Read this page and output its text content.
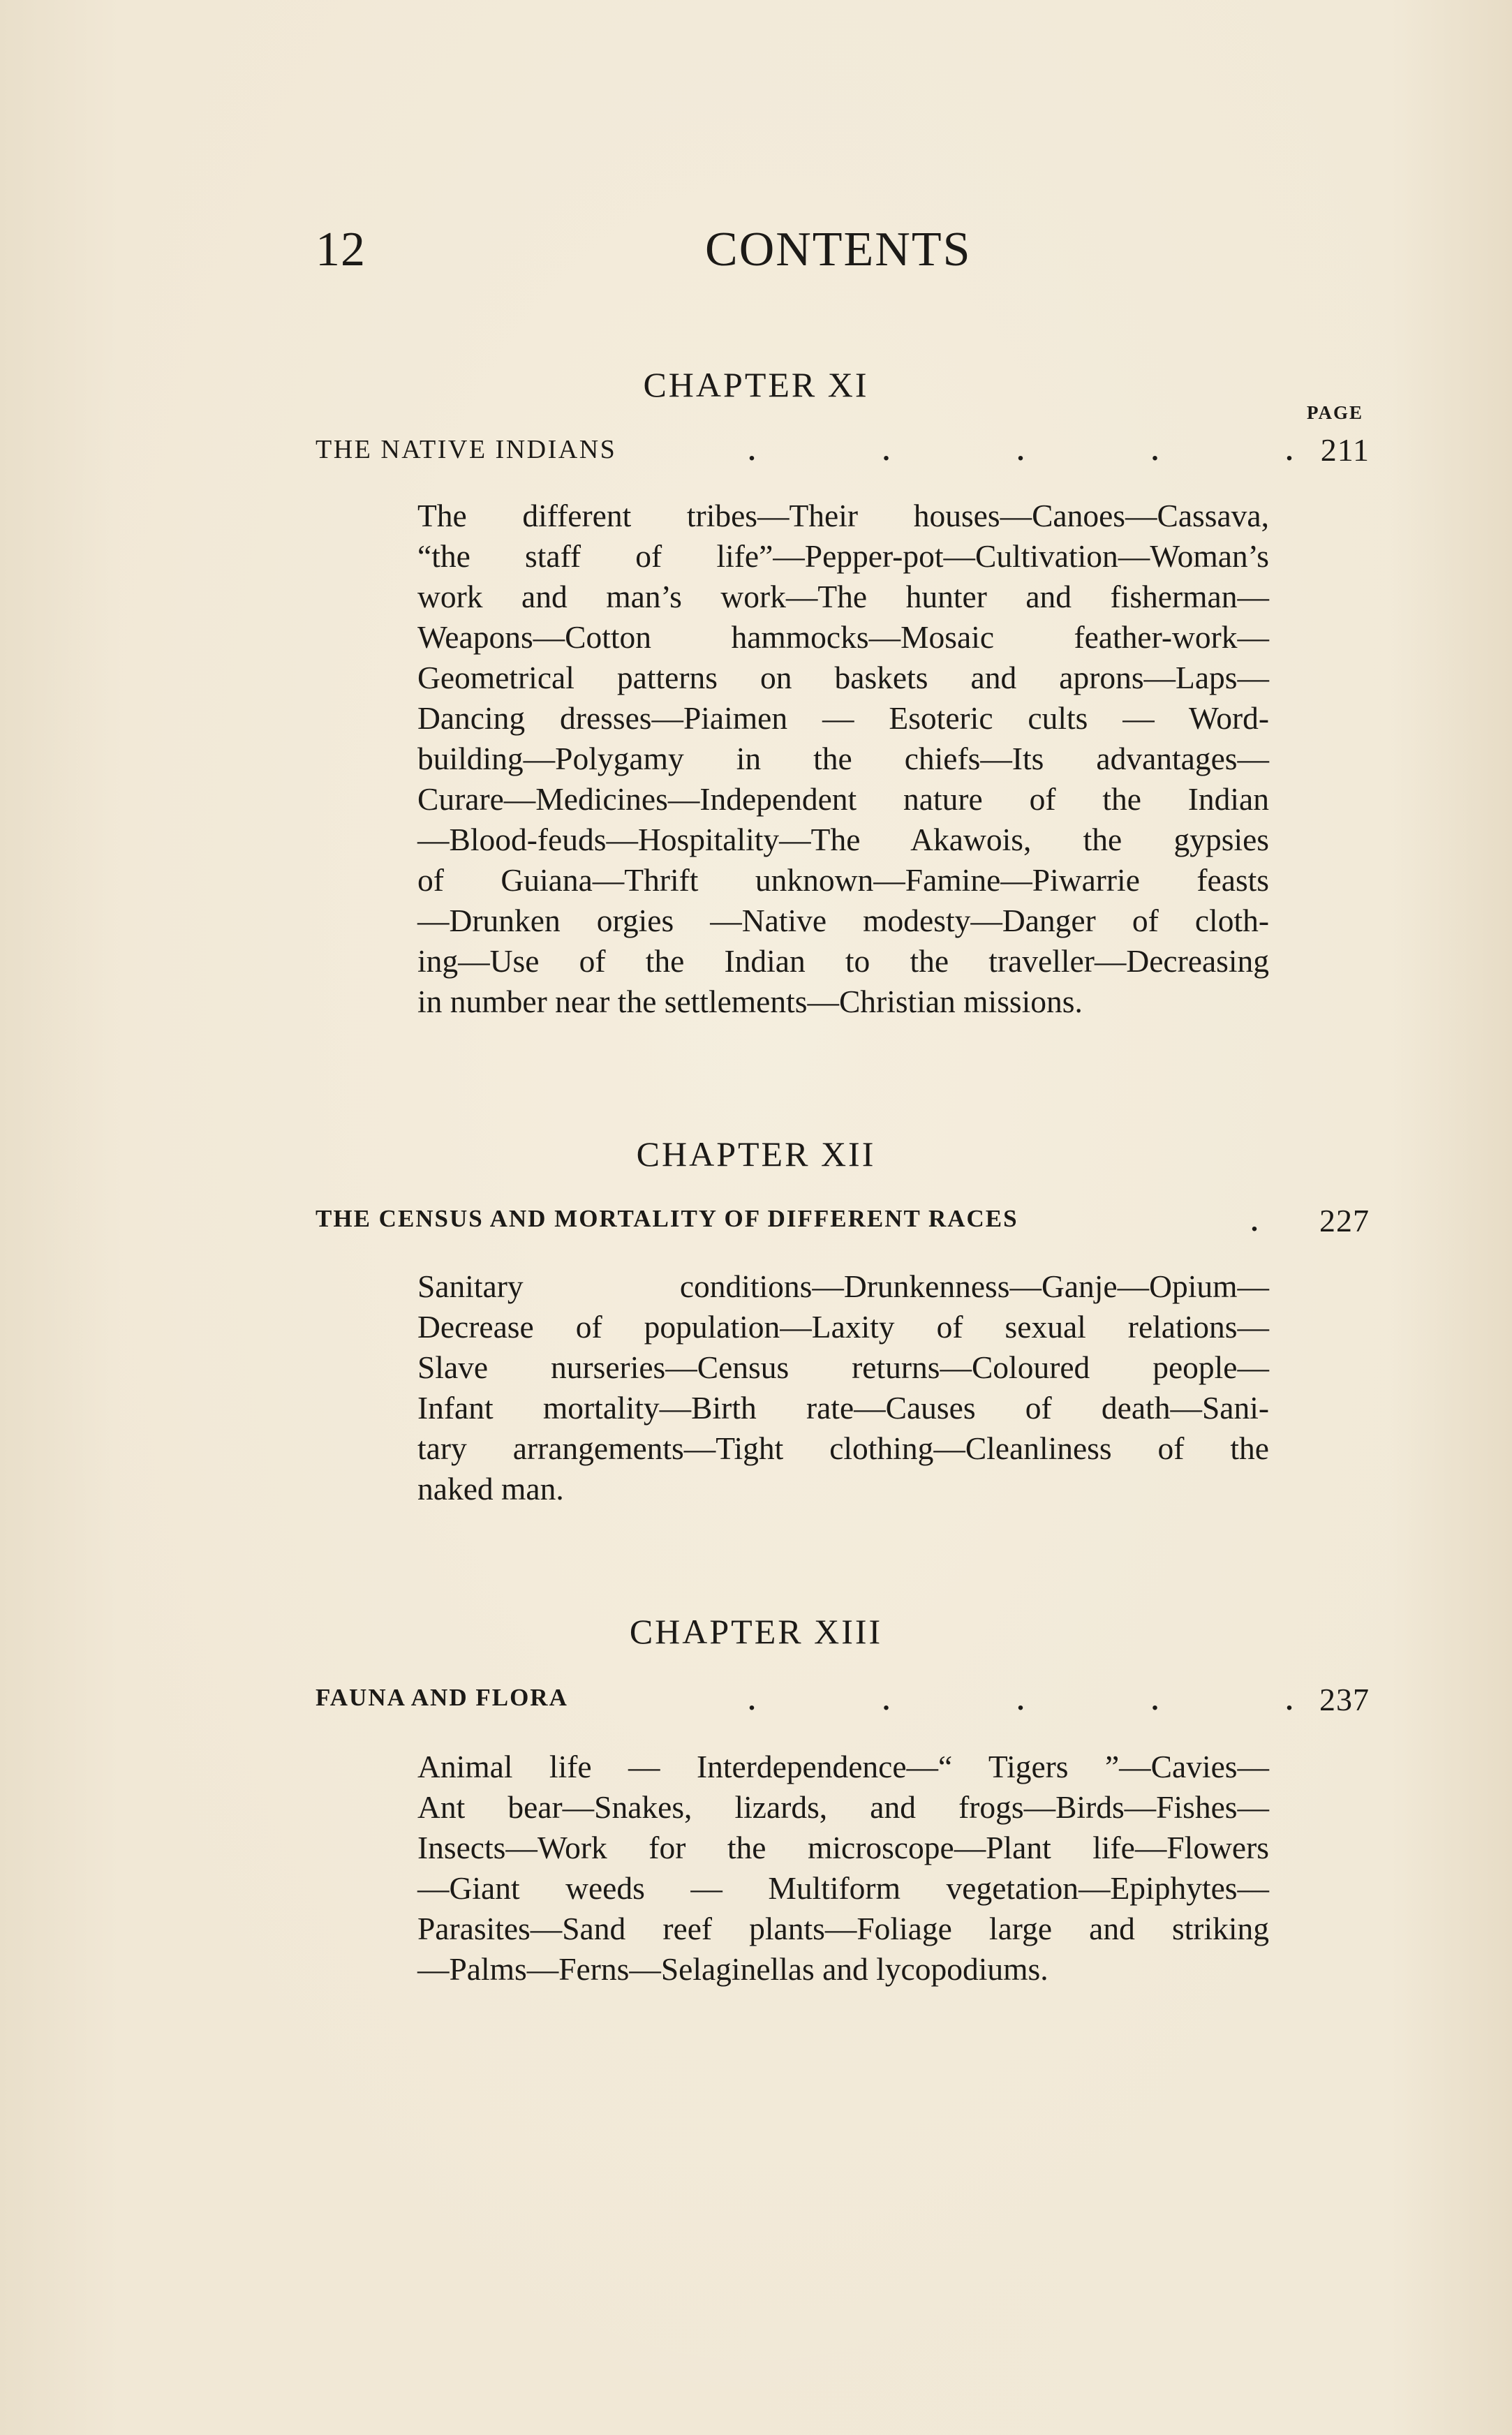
12	CONTENTS
CHAPTER XI
PAGE
THE NATIVE INDIANS	.	.	.	.	. 211
The different tribes—Their houses—Canoes—Cassava,
“the staff of life”—Pepper-pot—Cultivation—Woman’s
work and man’s work—The hunter and fisherman—
Weapons—Cotton hammocks—Mosaic feather-work—
Geometrical patterns on baskets and aprons—Laps—
Dancing dresses—Piaimen — Esoteric cults — Word-
building—Polygamy in the chiefs—Its advantages—
Curare—Medicines—Independent nature of the Indian
—Blood-feuds—Hospitality—The Akawois, the gypsies
of Guiana—Thrift unknown—Famine—Piwarrie feasts
—Drunken orgies —Native modesty—Danger of cloth-
ing—Use of the Indian to the traveller—Decreasing
in number near the settlements—Christian missions.
CHAPTER XII
THE CENSUS AND MORTALITY OF DIFFERENT RACES	.	227
Sanitary conditions—Drunkenness—Ganje—Opium—
Decrease of population—Laxity of sexual relations—
Slave nurseries—Census returns—Coloured people—
Infant mortality—Birth rate—Causes of death—Sani-
tary arrangements—Tight clothing—Cleanliness of the
naked man.
CHAPTER XIII
FAUNA AND FLORA	.	.	.	.	. 237
Animal life — Interdependence—“ Tigers ”—Cavies—
Ant bear—Snakes, lizards, and frogs—Birds—Fishes—
Insects—Work for the microscope—Plant life—Flowers
—Giant weeds — Multiform vegetation—Epiphytes—
Parasites—Sand reef plants—Foliage large and striking
—Palms—Ferns—Selaginellas and lycopodiums.
